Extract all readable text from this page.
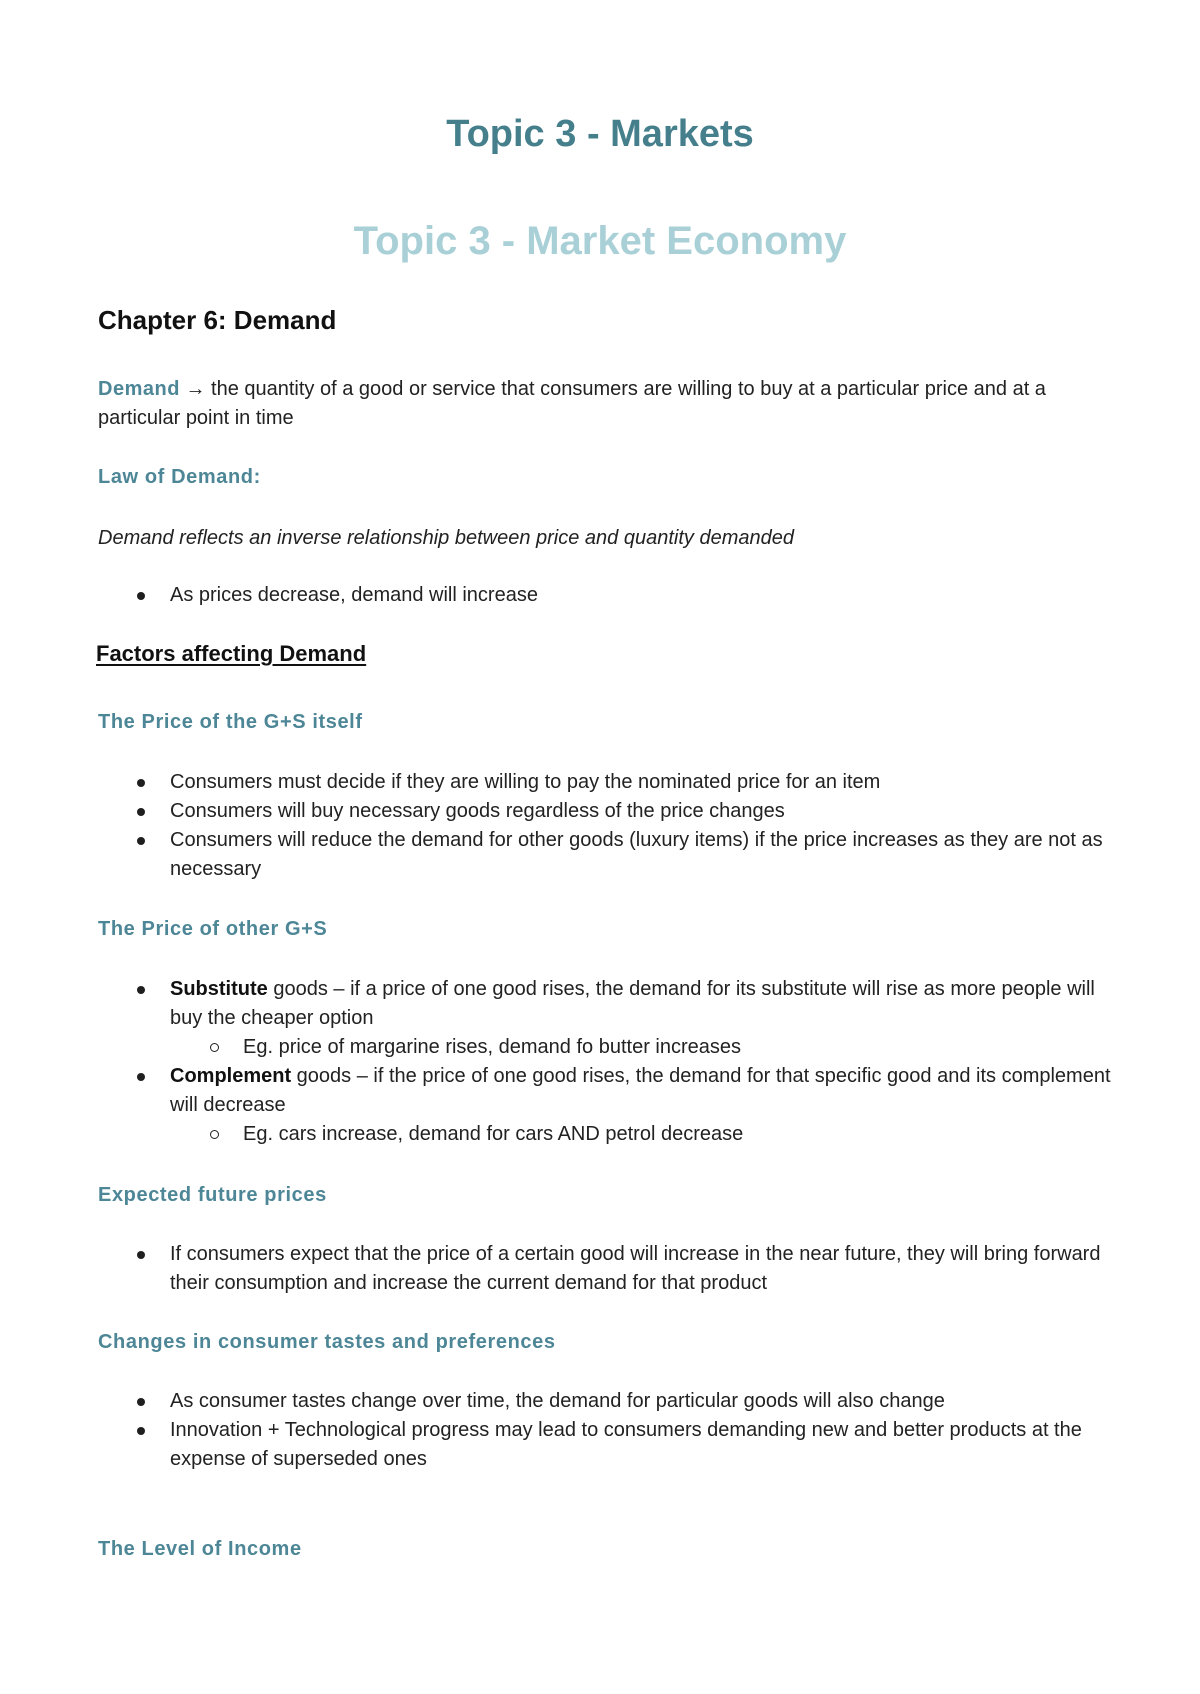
Topic 3 - Markets
Topic 3 - Market Economy
Chapter 6: Demand

Demand → the quantity of a good or service that consumers are willing to buy at a particular price and at a particular point in time

Law of Demand:

Demand reflects an inverse relationship between price and quantity demanded

As prices decrease, demand will increase

Factors affecting Demand

The Price of the G+S itself

Consumers must decide if they are willing to pay the nominated price for an item
Consumers will buy necessary goods regardless of the price changes
Consumers will reduce the demand for other goods (luxury items) if the price increases as they are not as necessary

The Price of other G+S

Substitute goods – if a price of one good rises, the demand for its substitute will rise as more people will buy the cheaper option
Eg. price of margarine rises, demand fo butter increases
Complement goods – if the price of one good rises, the demand for that specific good and its complement will decrease
Eg. cars increase, demand for cars AND petrol decrease

Expected future prices

If consumers expect that the price of a certain good will increase in the near future, they will bring forward their consumption and increase the current demand for that product

Changes in consumer tastes and preferences

As consumer tastes change over time, the demand for particular goods will also change
Innovation + Technological progress may lead to consumers demanding new and better products at the expense of superseded ones

The Level of Income
